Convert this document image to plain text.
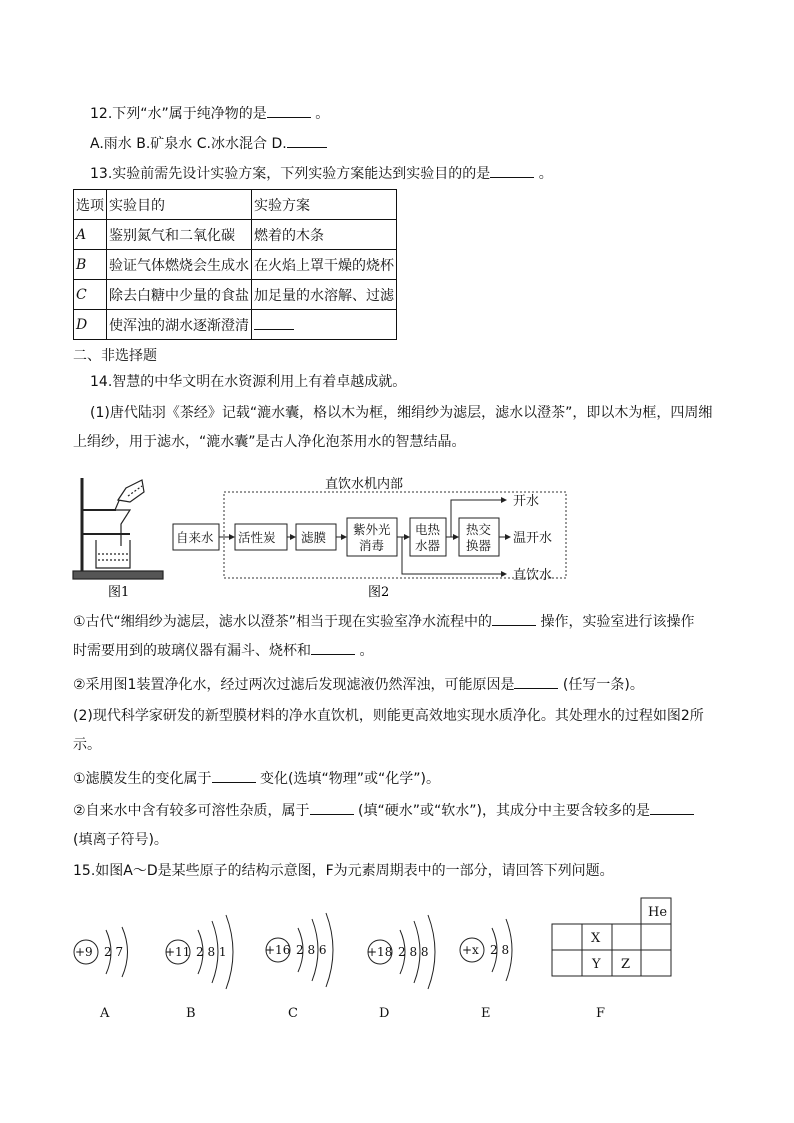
12.下列“水”属于纯净物的是	。
A.雨水 B.矿泉水 C.冰水混合 D.
13.实验前需先设计实验方案，下列实验方案能达到实验目的的是	。
选项	实验目的	实验方案
A	鉴别氮气和二氧化碳	燃着的木条
B	验证气体燃烧会生成水	在火焰上罩干燥的烧杯
C	除去白糖中少量的食盐	加足量的水溶解、过滤
D	使浑浊的湖水逐渐澄清	
二、非选择题
14.智慧的中华文明在水资源利用上有着卓越成就。
(1)唐代陆羽《茶经》记载“漉水囊，格以木为框，缃绢纱为滤层，滤水以澄茶”，即以木为框，四周缃
上绢纱，用于滤水，“漉水囊”是古人净化泡茶用水的智慧结晶。
图1
直饮水机内部
自来水 活性炭 滤膜
紫外光
消毒
电热
水器
热交
换器
开水
温开水
直饮水
图2
①古代“缃绢纱为滤层，滤水以澄茶”相当于现在实验室净水流程中的	操作，实验室进行该操作
时需要用到的玻璃仪器有漏斗、烧杯和	。
②采用图1装置净化水，经过两次过滤后发现滤液仍然浑浊，可能原因是	(任写一条)。
(2)现代科学家研发的新型膜材料的净水直饮机，则能更高效地实现水质净化。其处理水的过程如图2所
示。
①滤膜发生的变化属于	变化(选填“物理”或“化学”)。
②自来水中含有较多可溶性杂质，属于	(填“硬水”或“软水”)，其成分中主要含较多的是
(填离子符号)。
15.如图A～D是某些原子的结构示意图，F为元素周期表中的一部分，请回答下列问题。
+9 2 7	+11 2 8 1	+16 2 8 6	+18 2 8 8	+x 2 8
A	B	C	D	E	F
He
X
Y Z
